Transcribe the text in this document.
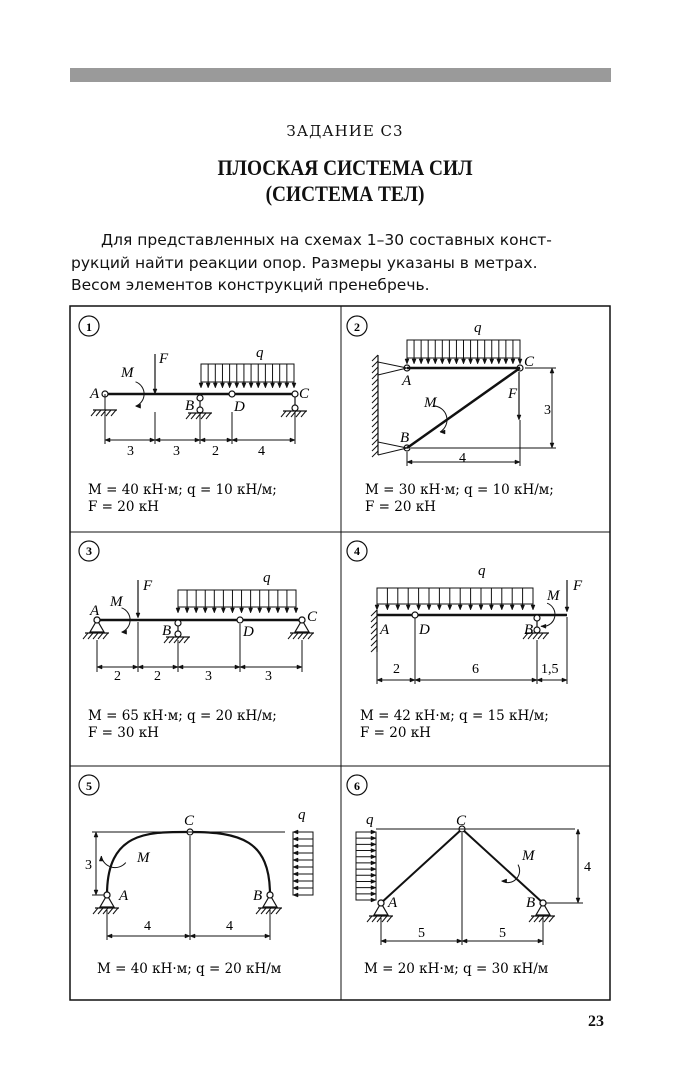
ЗАДАНИЕ С3
ПЛОСКАЯ СИСТЕМА СИЛ
(СИСТЕМА ТЕЛ)
Для представленных на схемах 1–30 составных конст-
рукций найти реакции опор. Размеры указаны в метрах.
Весом элементов конструкций пренебречь.
1
A
B
C
D
M
F	q
3	3 2	4
M = 40 кН·м; q = 10 кН/м;
F = 20 кН
2
A
B
C
M
F
q
3
4
M = 30 кН·м; q = 10 кН/м;
F = 20 кН
3
A
B
C
D
M
F	q
2 2	3	3
M = 65 кН·м; q = 20 кН/м;
F = 30 кН
4
A	B
D
M
F
q
2	6	1,5
M = 42 кН·м; q = 15 кН/м;
F = 20 кН
5
A	B
C
M
q
3
4	4
M = 40 кН·м; q = 20 кН/м
6
A	B
C
M
q
4
5	5
M = 20 кН·м; q = 30 кН/м
23
